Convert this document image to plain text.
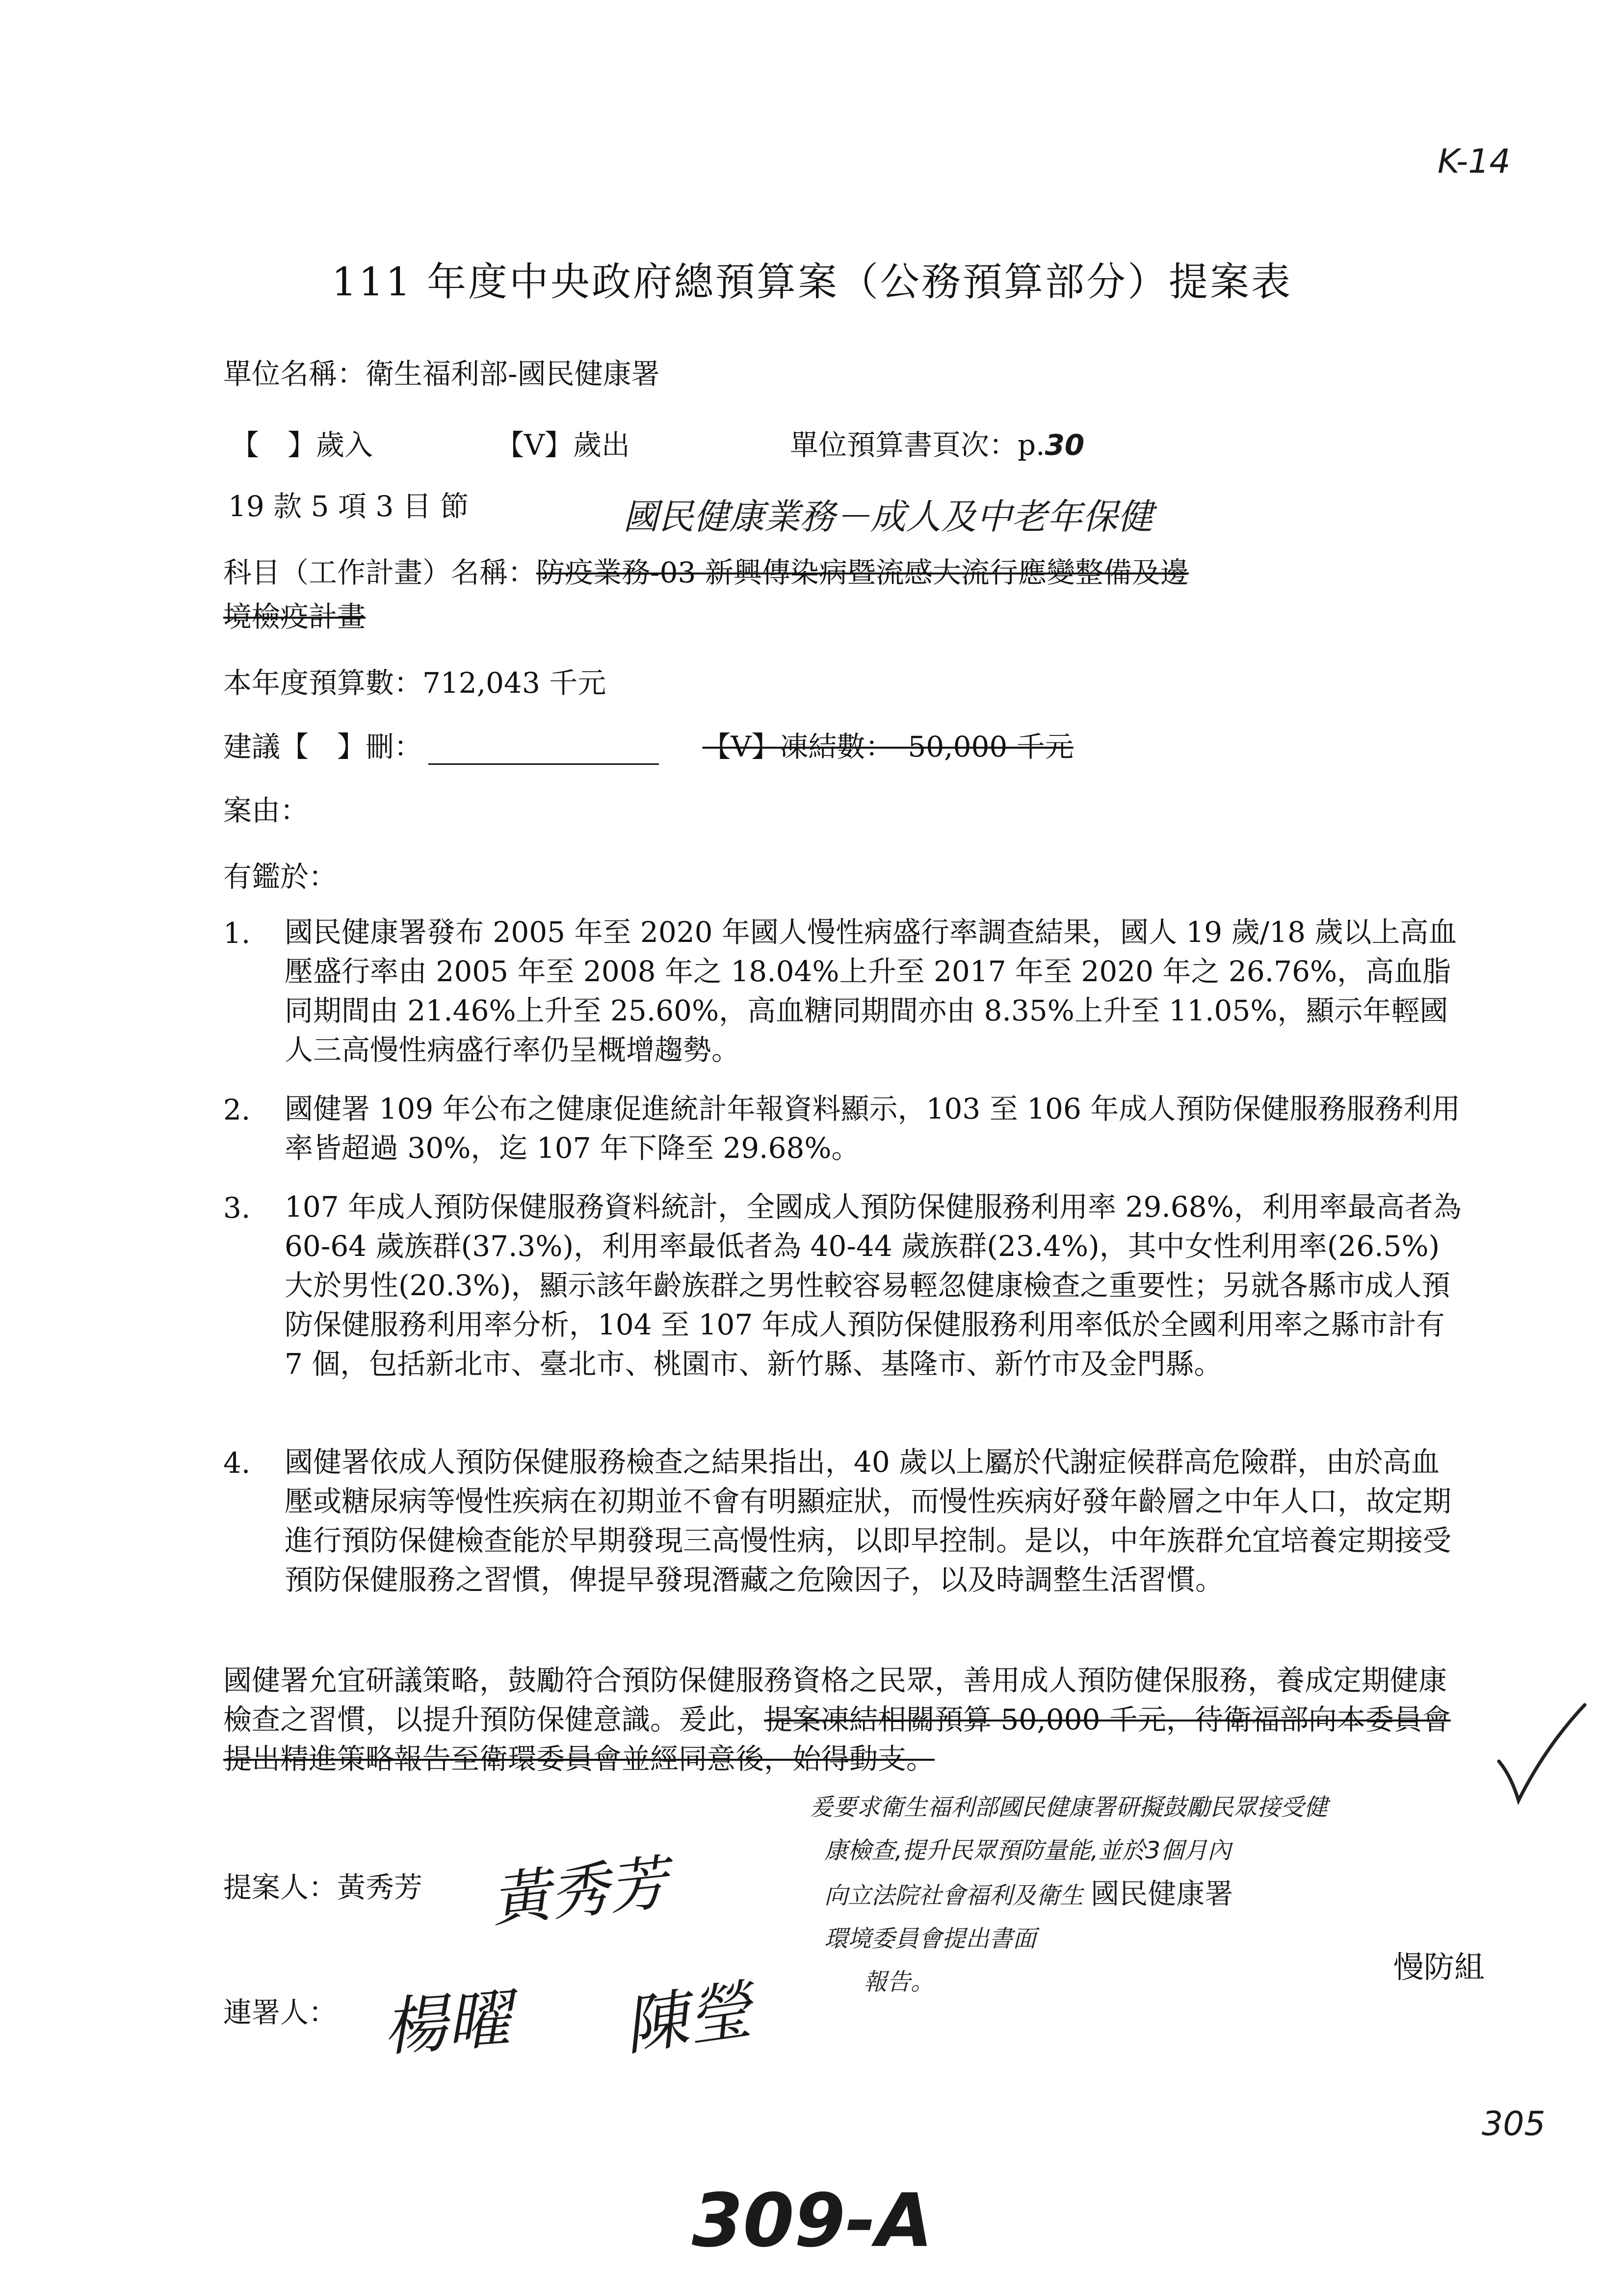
K-14
111 年度中央政府總預算案（公務預算部分）提案表
單位名稱：衛生福利部-國民健康署
【　】歲入	【V】歲出	單位預算書頁次：p.30
19 款 5 項 3 目 節	國民健康業務－成人及中老年保健
科目（工作計畫）名稱：防疫業務-03 新興傳染病暨流感大流行應變整備及邊
境檢疫計畫
本年度預算數：712,043 千元
建議【　】刪：	【V】凍結數：　50,000 千元
案由：
有鑑於：
1. 國民健康署發布 2005 年至 2020 年國人慢性病盛行率調查結果，國人 19 歲/18 歲以上高血壓盛行率由 2005 年至 2008 年之 18.04%上升至 2017 年至 2020 年之 26.76%，高血脂同期間由 21.46%上升至 25.60%，高血糖同期間亦由 8.35%上升至 11.05%，顯示年輕國人三高慢性病盛行率仍呈概增趨勢。
2. 國健署 109 年公布之健康促進統計年報資料顯示，103 至 106 年成人預防保健服務服務利用率皆超過 30%，迄 107 年下降至 29.68%。
3. 107 年成人預防保健服務資料統計，全國成人預防保健服務利用率 29.68%，利用率最高者為 60-64 歲族群(37.3%)，利用率最低者為 40-44 歲族群(23.4%)，其中女性利用率(26.5%)大於男性(20.3%)，顯示該年齡族群之男性較容易輕忽健康檢查之重要性；另就各縣市成人預防保健服務利用率分析，104 至 107 年成人預防保健服務利用率低於全國利用率之縣市計有 7 個，包括新北市、臺北市、桃園市、新竹縣、基隆市、新竹市及金門縣。
4. 國健署依成人預防保健服務檢查之結果指出，40 歲以上屬於代謝症候群高危險群，由於高血壓或糖尿病等慢性疾病在初期並不會有明顯症狀，而慢性疾病好發年齡層之中年人口，故定期進行預防保健檢查能於早期發現三高慢性病，以即早控制。是以，中年族群允宜培養定期接受預防保健服務之習慣，俾提早發現潛藏之危險因子，以及時調整生活習慣。
國健署允宜研議策略，鼓勵符合預防保健服務資格之民眾，善用成人預防健保服務，養成定期健康檢查之習慣，以提升預防保健意識。爰此，提案凍結相關預算 50,000 千元，待衛福部向本委員會提出精進策略報告至衛環委員會並經同意後，始得動支。
爰要求衛生福利部國民健康署研擬鼓勵民眾接受健
康檢查,提升民眾預防量能,並於3個月內
向立法院社會福利及衛生 國民健康署
環境委員會提出書面
報告。	慢防組
提案人：黃秀芳 黃秀芳
連署人： 楊曜 陳瑩
305
309-A
